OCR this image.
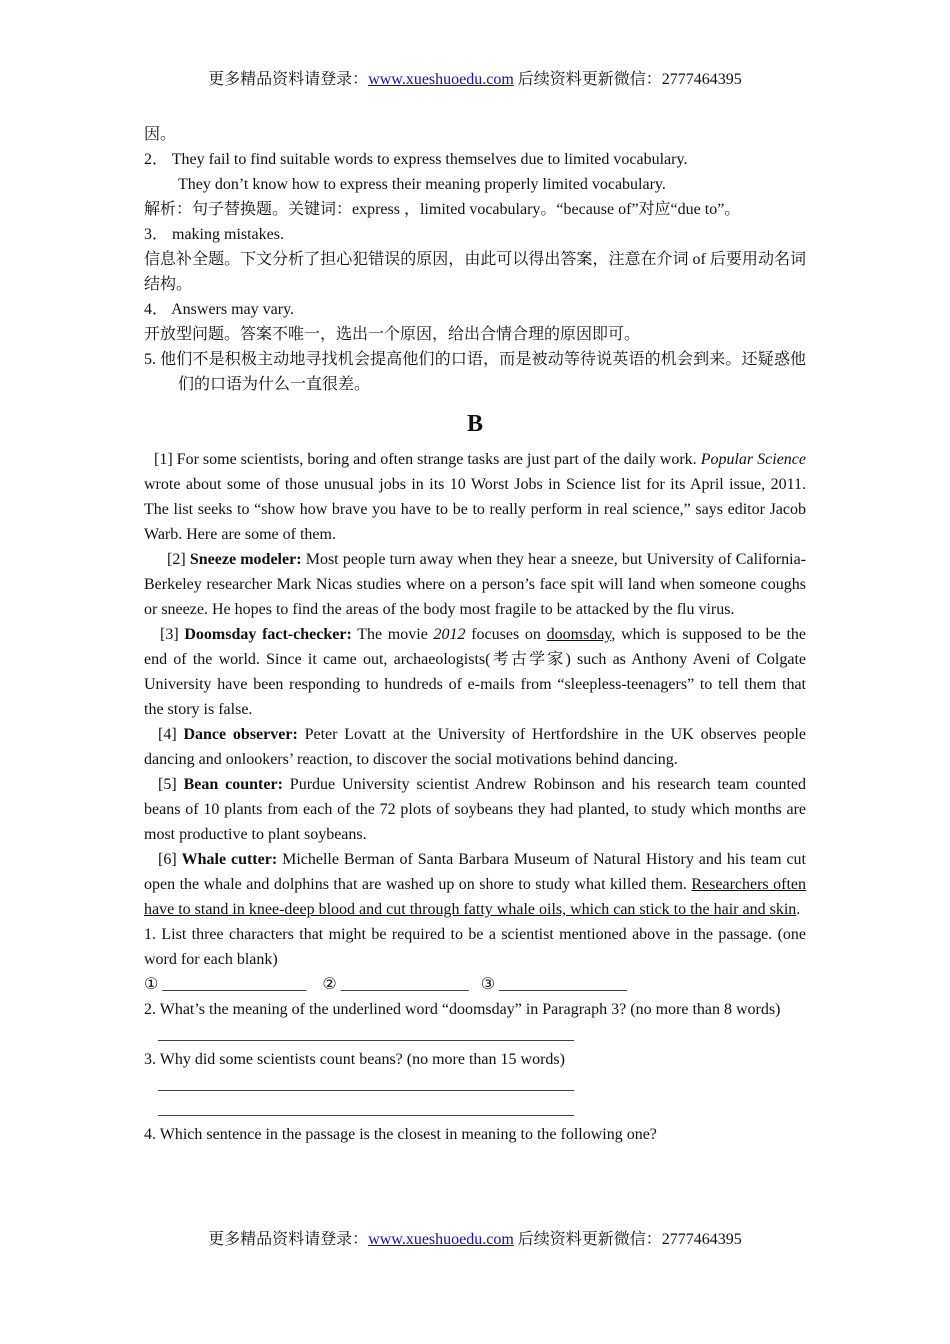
更多精品资料请登录：www.xueshuoedu.com 后续资料更新微信：2777464395

因。

2． They fail to find suitable words to express themselves due to limited vocabulary.

They don’t know how to express their meaning properly limited vocabulary.

解析：句子替换题。关键词：express ，limited vocabulary。“because of”对应“due to”。

3． making mistakes.

信息补全题。下文分析了担心犯错误的原因，由此可以得出答案，注意在介词 of 后要用动名词结构。

4． Answers may vary.

开放型问题。答案不唯一，选出一个原因，给出合情合理的原因即可。

5. 他们不是积极主动地寻找机会提高他们的口语，而是被动等待说英语的机会到来。还疑惑他们的口语为什么一直很差。

B

[1] For some scientists, boring and often strange tasks are just part of the daily work. Popular Science wrote about some of those unusual jobs in its 10 Worst Jobs in Science list for its April issue, 2011. The list seeks to “show how brave you have to be to really perform in real science,” says editor Jacob Warb. Here are some of them.

[2] Sneeze modeler: Most people turn away when they hear a sneeze, but University of California-Berkeley researcher Mark Nicas studies where on a person’s face spit will land when someone coughs or sneeze. He hopes to find the areas of the body most fragile to be attacked by the flu virus.

[3] Doomsday fact-checker: The movie 2012 focuses on doomsday, which is supposed to be the end of the world. Since it came out, archaeologists(考古学家) such as Anthony Aveni of Colgate University have been responding to hundreds of e-mails from “sleepless-teenagers” to tell them that the story is false.

[4] Dance observer: Peter Lovatt at the University of Hertfordshire in the UK observes people dancing and onlookers’ reaction, to discover the social motivations behind dancing.

[5] Bean counter: Purdue University scientist Andrew Robinson and his research team counted beans of 10 plants from each of the 72 plots of soybeans they had planted, to study which months are most productive to plant soybeans.

[6] Whale cutter: Michelle Berman of Santa Barbara Museum of Natural History and his team cut open the whale and dolphins that are washed up on shore to study what killed them. Researchers often have to stand in knee-deep blood and cut through fatty whale oils, which can stick to the hair and skin.

1. List three characters that might be required to be a scientist mentioned above in the passage. (one word for each blank)

① __________________    ② ________________   ③ ________________

2. What’s the meaning of the underlined word “doomsday” in Paragraph 3? (no more than 8 words)

____________________________________________________

3. Why did some scientists count beans? (no more than 15 words)

____________________________________________________

____________________________________________________

4. Which sentence in the passage is the closest in meaning to the following one?

更多精品资料请登录：www.xueshuoedu.com 后续资料更新微信：2777464395
